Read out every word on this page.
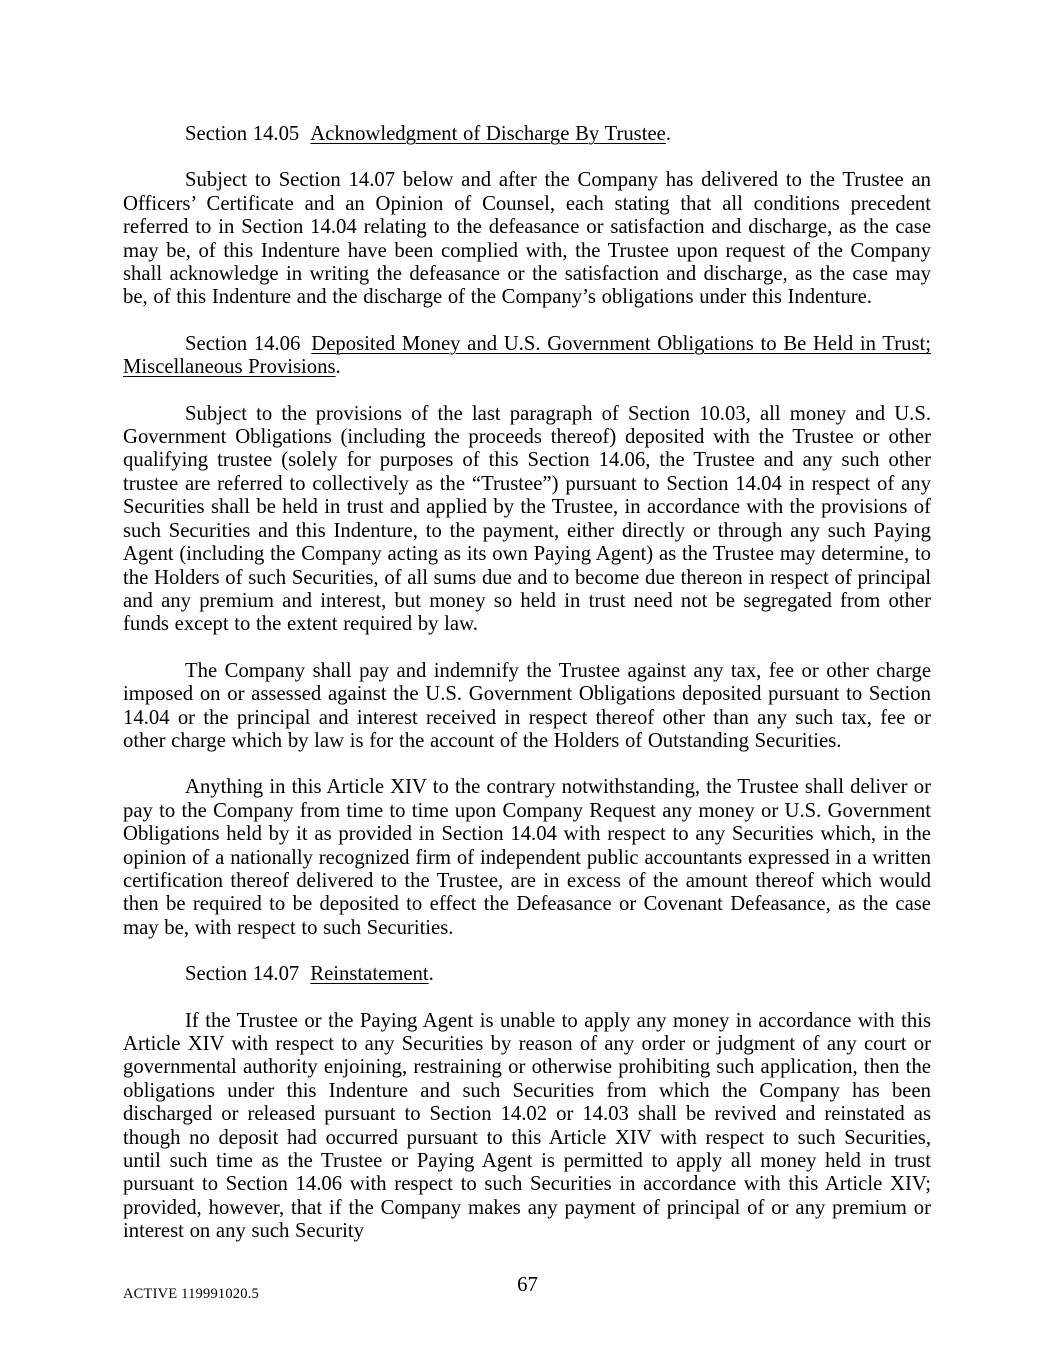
Section 14.05 Acknowledgment of Discharge By Trustee.

Subject to Section 14.07 below and after the Company has delivered to the Trustee an Officers’ Certificate and an Opinion of Counsel, each stating that all conditions precedent referred to in Section 14.04 relating to the defeasance or satisfaction and discharge, as the case may be, of this Indenture have been complied with, the Trustee upon request of the Company shall acknowledge in writing the defeasance or the satisfaction and discharge, as the case may be, of this Indenture and the discharge of the Company’s obligations under this Indenture.

Section 14.06 Deposited Money and U.S. Government Obligations to Be Held in Trust; Miscellaneous Provisions.

Subject to the provisions of the last paragraph of Section 10.03, all money and U.S. Government Obligations (including the proceeds thereof) deposited with the Trustee or other qualifying trustee (solely for purposes of this Section 14.06, the Trustee and any such other trustee are referred to collectively as the “Trustee”) pursuant to Section 14.04 in respect of any Securities shall be held in trust and applied by the Trustee, in accordance with the provisions of such Securities and this Indenture, to the payment, either directly or through any such Paying Agent (including the Company acting as its own Paying Agent) as the Trustee may determine, to the Holders of such Securities, of all sums due and to become due thereon in respect of principal and any premium and interest, but money so held in trust need not be segregated from other funds except to the extent required by law.

The Company shall pay and indemnify the Trustee against any tax, fee or other charge imposed on or assessed against the U.S. Government Obligations deposited pursuant to Section 14.04 or the principal and interest received in respect thereof other than any such tax, fee or other charge which by law is for the account of the Holders of Outstanding Securities.

Anything in this Article XIV to the contrary notwithstanding, the Trustee shall deliver or pay to the Company from time to time upon Company Request any money or U.S. Government Obligations held by it as provided in Section 14.04 with respect to any Securities which, in the opinion of a nationally recognized firm of independent public accountants expressed in a written certification thereof delivered to the Trustee, are in excess of the amount thereof which would then be required to be deposited to effect the Defeasance or Covenant Defeasance, as the case may be, with respect to such Securities.

Section 14.07 Reinstatement.

If the Trustee or the Paying Agent is unable to apply any money in accordance with this Article XIV with respect to any Securities by reason of any order or judgment of any court or governmental authority enjoining, restraining or otherwise prohibiting such application, then the obligations under this Indenture and such Securities from which the Company has been discharged or released pursuant to Section 14.02 or 14.03 shall be revived and reinstated as though no deposit had occurred pursuant to this Article XIV with respect to such Securities, until such time as the Trustee or Paying Agent is permitted to apply all money held in trust pursuant to Section 14.06 with respect to such Securities in accordance with this Article XIV; provided, however, that if the Company makes any payment of principal of or any premium or interest on any such Security

ACTIVE 119991020.5	67
